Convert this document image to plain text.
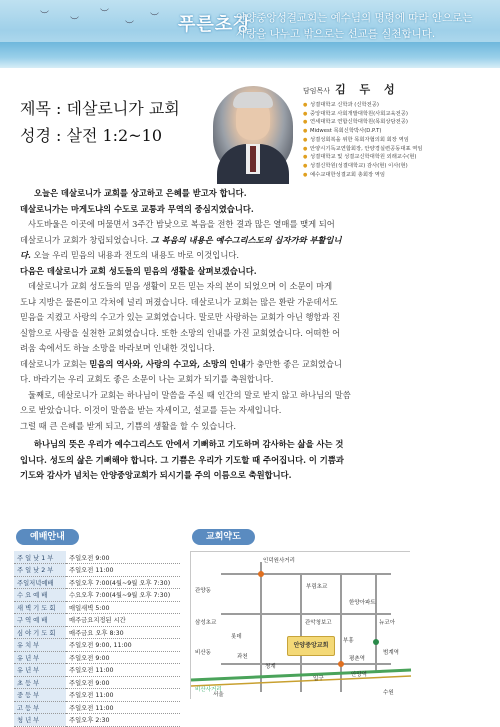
︶
︶
︶
︶
︶ 푸른초장
안양중앙성결교회는 예수님의 명령에 따라 안으로는
사랑을 나누고 밖으로는 선교를 실천합니다.
제목 : 데살로니가 교회
성경 : 살전 1:2~10
담임목사 김 두 성
● 성결대학교 신학과 (신학전공)
● 중앙대학교 사회개발대학원(사회교육전공)
● 연세대학교 연합신학대학원(목회상담전공)
● Midwest 목회신학박사(D.P.T)
● 성결성회복을 위한 목회자협의회 회장 역임
● 안양시기독교연합회장, 안양경실련공동대표 역임
● 성결대학교 및 성결교신학대학원 외래교수(현)
● 성결신학원(성결대학교) 감사(현) 이사(현)
● 예수교대한성결교회 총회장 역임

오늘은 데살로니가 교회를 상고하고 은혜를 받고자 합니다.

데살로니가는 마게도냐의 수도로 교통과 무역의 중심지였습니다.

사도바울은 이곳에 머물면서 3주간 밤낮으로 복음을 전한 결과 많은 열매를 맺게 되어

데살로니가 교회가 창립되었습니다. 그 복음의 내용은 예수그리스도의 십자가와 부활입니

다. 오늘 우리 믿음의 내용과 전도의 내용도 바로 이것입니다.

다음은 데살로니가 교회 성도들의 믿음의 생활을 살펴보겠습니다.

데살로니가 교회 성도들의 믿음 생활이 모든 믿는 자의 본이 되었으며 이 소문이 마게

도냐 지방은 물론이고 각처에 널리 퍼졌습니다. 데살로니가 교회는 많은 환란 가운데서도

믿음을 지켰고 사랑의 수고가 있는 교회였습니다. 말로만 사랑하는 교회가 아닌 행함과 진

실함으로 사랑을 실천한 교회였습니다. 또한 소망의 인내를 가진 교회였습니다. 어떠한 어

려움 속에서도 하늘 소망을 바라보며 인내한 것입니다.

데살로니가 교회는 믿음의 역사와, 사랑의 수고와, 소망의 인내가 충만한 좋은 교회였습니

다. 바라기는 우리 교회도 좋은 소문이 나는 교회가 되기를 축원합니다.

둘째로, 데살로니가 교회는 하나님이 말씀을 주실 때 인간의 말로 받지 않고 하나님의 말씀

으로 받았습니다. 이것이 말씀을 받는 자세이고, 설교를 듣는 자세입니다.

그럴 때 큰 은혜를 받게 되고, 기쁨의 생활을 할 수 있습니다.

하나님의 뜻은 우리가 예수그리스도 안에서 기뻐하고 기도하며 감사하는 삶을 사는 것

입니다. 성도의 삶은 기뻐해야 합니다. 그 기쁨은 우리가 기도할 때 주어집니다. 이 기쁨과

기도와 감사가 넘치는 안양중앙교회가 되시기를 주의 이름으로 축원합니다.

예배안내
주 일 낮 1 부	주일오전 9:00
주 일 낮 2 부	주일오전 11:00
주일저녁예배	주일오후 7:00(4월~9월 오후 7:30)
수 요 예 배	수요오후 7:00(4월~9월 오후 7:30)
새 벽 기 도 회	매일새벽 5:00
구 역 예 배	매주금요지정된 시간
심 야 기 도 회	매주금요 오후 8:30
유 치 부	주일오전 9:00, 11:00
유 년 부	주일오전 9:00
유 년 부	주일오전 11:00
초 등 부	주일오전 9:00
중 등 부	주일오전 11:00
고 등 부	주일오전 11:00
청 년 부	주일오후 2:30
교회약도
인덕원사거리
관양동
부림초교
한양아파트
삼성초교	관악청보고	뉴코아
롯데
비산동
부흥
범계역
평촌역
청계
과천
입구
안양역
서울	수원
비산사거리
안양중앙교회
